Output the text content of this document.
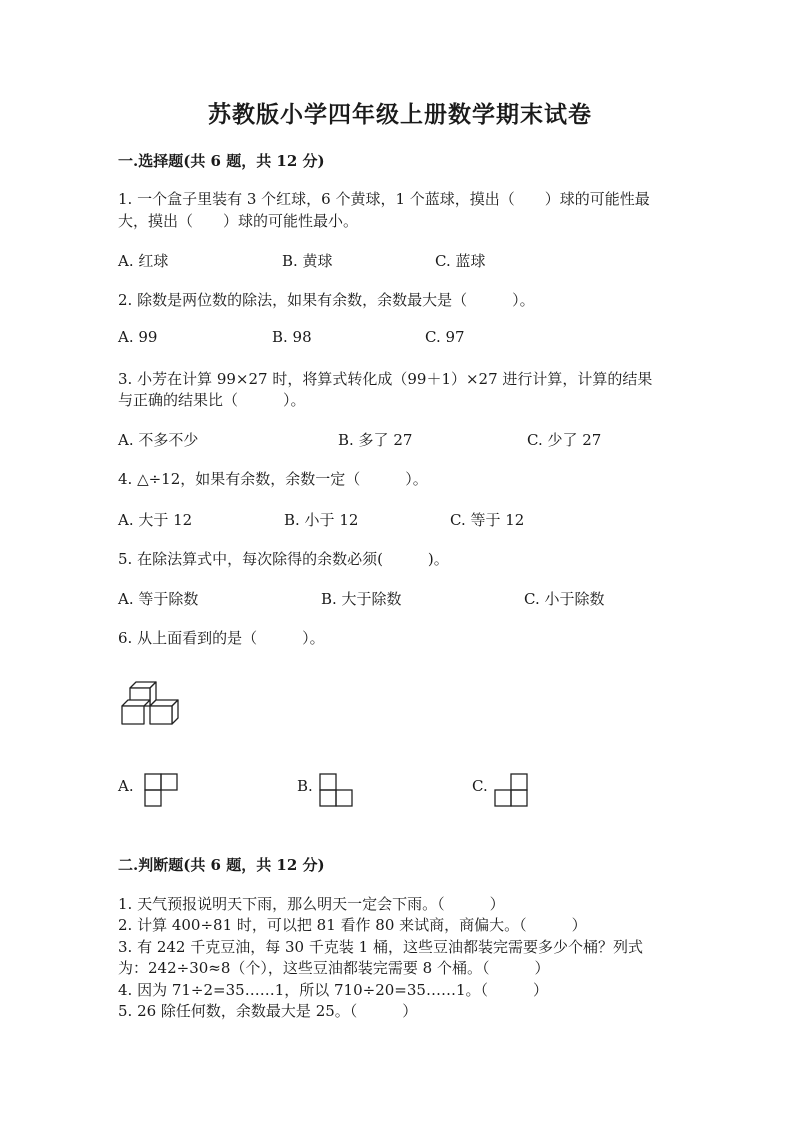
苏教版小学四年级上册数学期末试卷
一.选择题(共 6 题，共 12 分)
1. 一个盒子里装有 3 个红球，6 个黄球，1 个蓝球，摸出（　　）球的可能性最
大，摸出（　　）球的可能性最小。
A. 红球	B. 黄球	C. 蓝球
2. 除数是两位数的除法，如果有余数，余数最大是（　　　）。
A. 99	B. 98	C. 97
3. 小芳在计算 99×27 时，将算式转化成（99＋1）×27 进行计算，计算的结果
与正确的结果比（　　　）。
A. 不多不少	B. 多了 27	C. 少了 27
4. △÷12，如果有余数，余数一定（　　　）。
A. 大于 12	B. 小于 12	C. 等于 12
5. 在除法算式中，每次除得的余数必须(　　　)。
A. 等于除数	B. 大于除数	C. 小于除数
6. 从上面看到的是（　　　）。
A.	B.	C.
二.判断题(共 6 题，共 12 分)
1. 天气预报说明天下雨，那么明天一定会下雨。（　　　）
2. 计算 400÷81 时，可以把 81 看作 80 来试商，商偏大。（　　　）
3. 有 242 千克豆油，每 30 千克装 1 桶，这些豆油都装完需要多少个桶？列式
为：242÷30≈8（个），这些豆油都装完需要 8 个桶。（　　　）
4. 因为 71÷2=35……1，所以 710÷20=35……1。（　　　）
5. 26 除任何数，余数最大是 25。（　　　）
